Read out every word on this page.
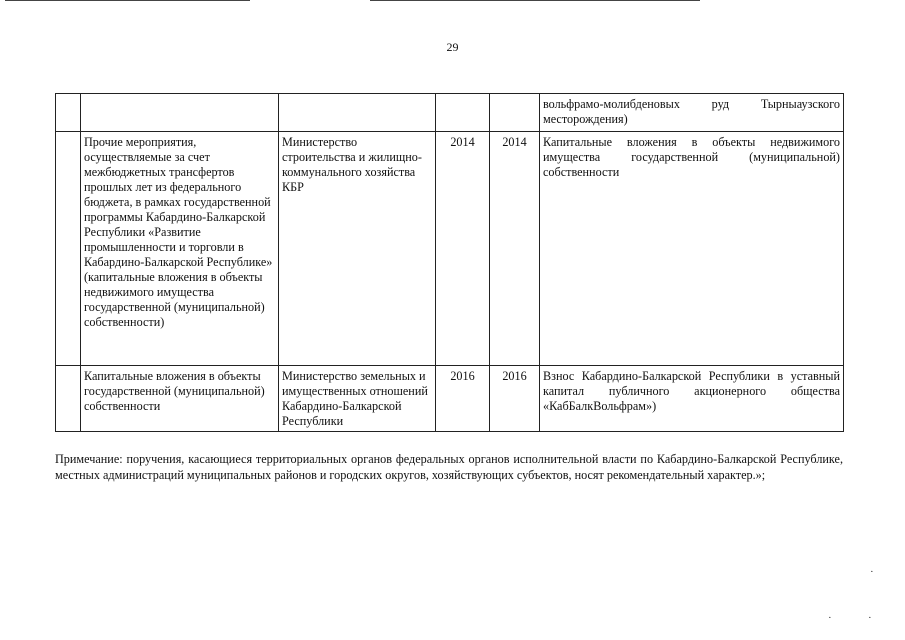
29
					вольфрамо-молибденовых руд Тырныаузского месторождения)
	Прочие мероприятия, осуществляемые за счет межбюджетных трансфертов прошлых лет из федерального бюджета, в рамках государственной программы Кабардино-Балкарской Республики «Развитие промышленности и торговли в Кабардино-Балкарской Республике» (капитальные вложения в объекты недвижимого имущества государственной (муниципальной) собственности)	Министерство строительства и жилищно-коммунального хозяйства КБР	2014	2014	Капитальные вложения в объекты недвижимого имущества государственной (муниципальной) собственности
	Капитальные вложения в объекты государственной (муниципальной) собственности	Министерство земельных и имущественных отношений Кабардино-Балкарской Республики	2016	2016	Взнос Кабардино-Балкарской Республики в уставный капитал публичного акционерного общества «КабБалкВольфрам»)
Примечание: поручения, касающиеся территориальных органов федеральных органов исполнительной власти по Кабардино-Балкарской Республике, местных администраций муниципальных районов и городских округов, хозяйствующих субъектов, носят рекомендательный характер.»;
·
·	·
